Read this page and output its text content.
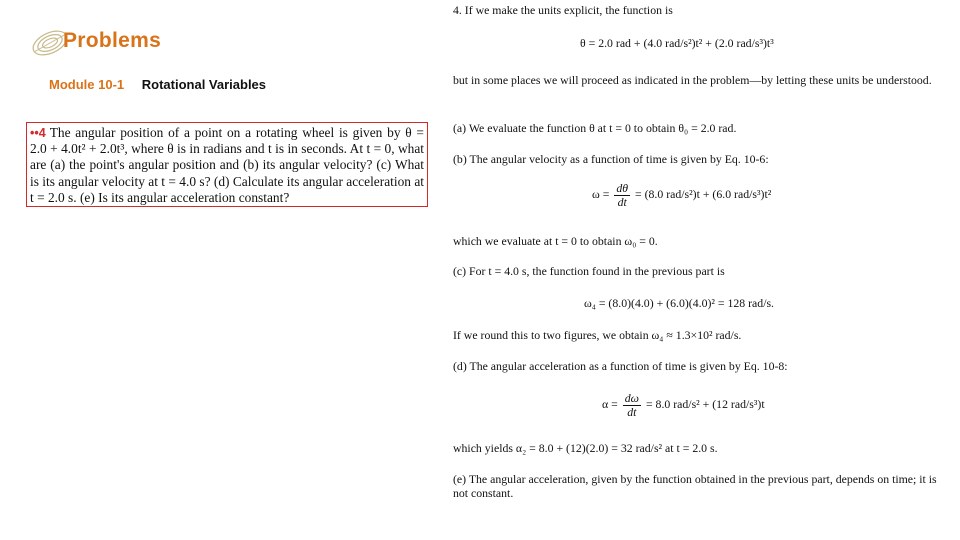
Problems
Module 10-1 Rotational Variables
••4 The angular position of a point on a rotating wheel is given by θ = 2.0 + 4.0t² + 2.0t³, where θ is in radians and t is in seconds. At t = 0, what are (a) the point's angular position and (b) its angular velocity? (c) What is its angular velocity at t = 4.0 s? (d) Calculate its angular acceleration at t = 2.0 s. (e) Is its angular acceleration constant?
4. If we make the units explicit, the function is
θ = 2.0 rad + (4.0 rad/s²)t² + (2.0 rad/s³)t³
but in some places we will proceed as indicated in the problem—by letting these units be understood.
(a) We evaluate the function θ at t = 0 to obtain θ₀ = 2.0 rad.
(b) The angular velocity as a function of time is given by Eq. 10-6:
$\omega = \frac{d\theta}{dt} = (8.0$ rad/s²)t + (6.0 rad/s³)t²
which we evaluate at t = 0 to obtain ω₀ = 0.
(c) For t = 4.0 s, the function found in the previous part is
ω₄ = (8.0)(4.0) + (6.0)(4.0)² = 128 rad/s.
If we round this to two figures, we obtain ω₄ ≈ 1.3×10² rad/s.
(d) The angular acceleration as a function of time is given by Eq. 10-8:
$\alpha = \frac{d\omega}{dt} = 8.0$ rad/s² + (12 rad/s³)t
which yields α₂ = 8.0 + (12)(2.0) = 32 rad/s² at t = 2.0 s.
(e) The angular acceleration, given by the function obtained in the previous part, depends on time; it is not constant.
